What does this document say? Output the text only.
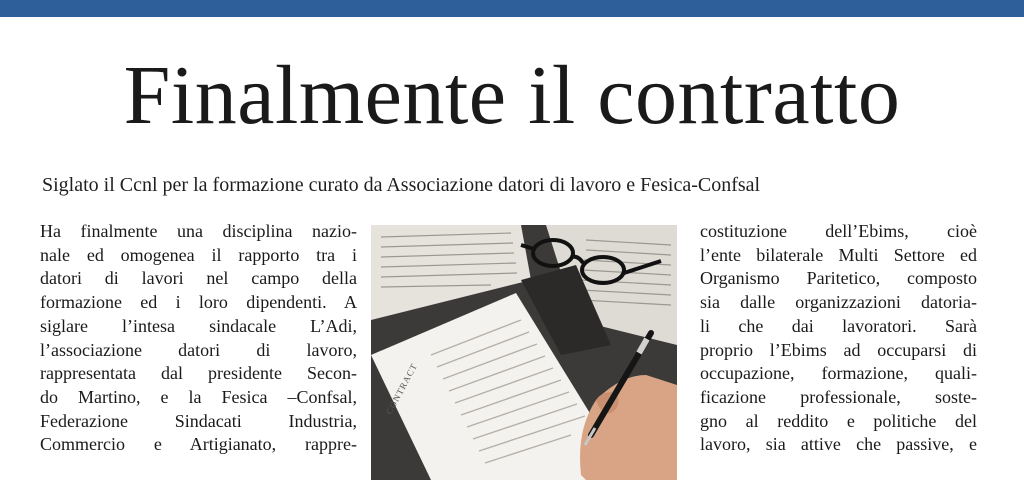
Finalmente il contratto
Siglato il Ccnl per la formazione curato da Associazione datori di lavoro e Fesica-Confsal
Ha finalmente una disciplina nazio-
nale ed omogenea il rapporto tra i
datori di lavori nel campo della
formazione ed i loro dipendenti. A
siglare l’intesa sindacale L’Adi,
l’associazione datori di lavoro,
rappresentata dal presidente Secon-
do Martino, e la Fesica –Confsal,
Federazione Sindacati Industria,
Commercio e Artigianato, rappre-
CONTRACT
costituzione dell’Ebims, cioè
l’ente bilaterale Multi Settore ed
Organismo Paritetico, composto
sia dalle organizzazioni datoria-
li che dai lavoratori. Sarà
proprio l’Ebims ad occuparsi di
occupazione, formazione, quali-
ficazione professionale, soste-
gno al reddito e politiche del
lavoro, sia attive che passive, e
